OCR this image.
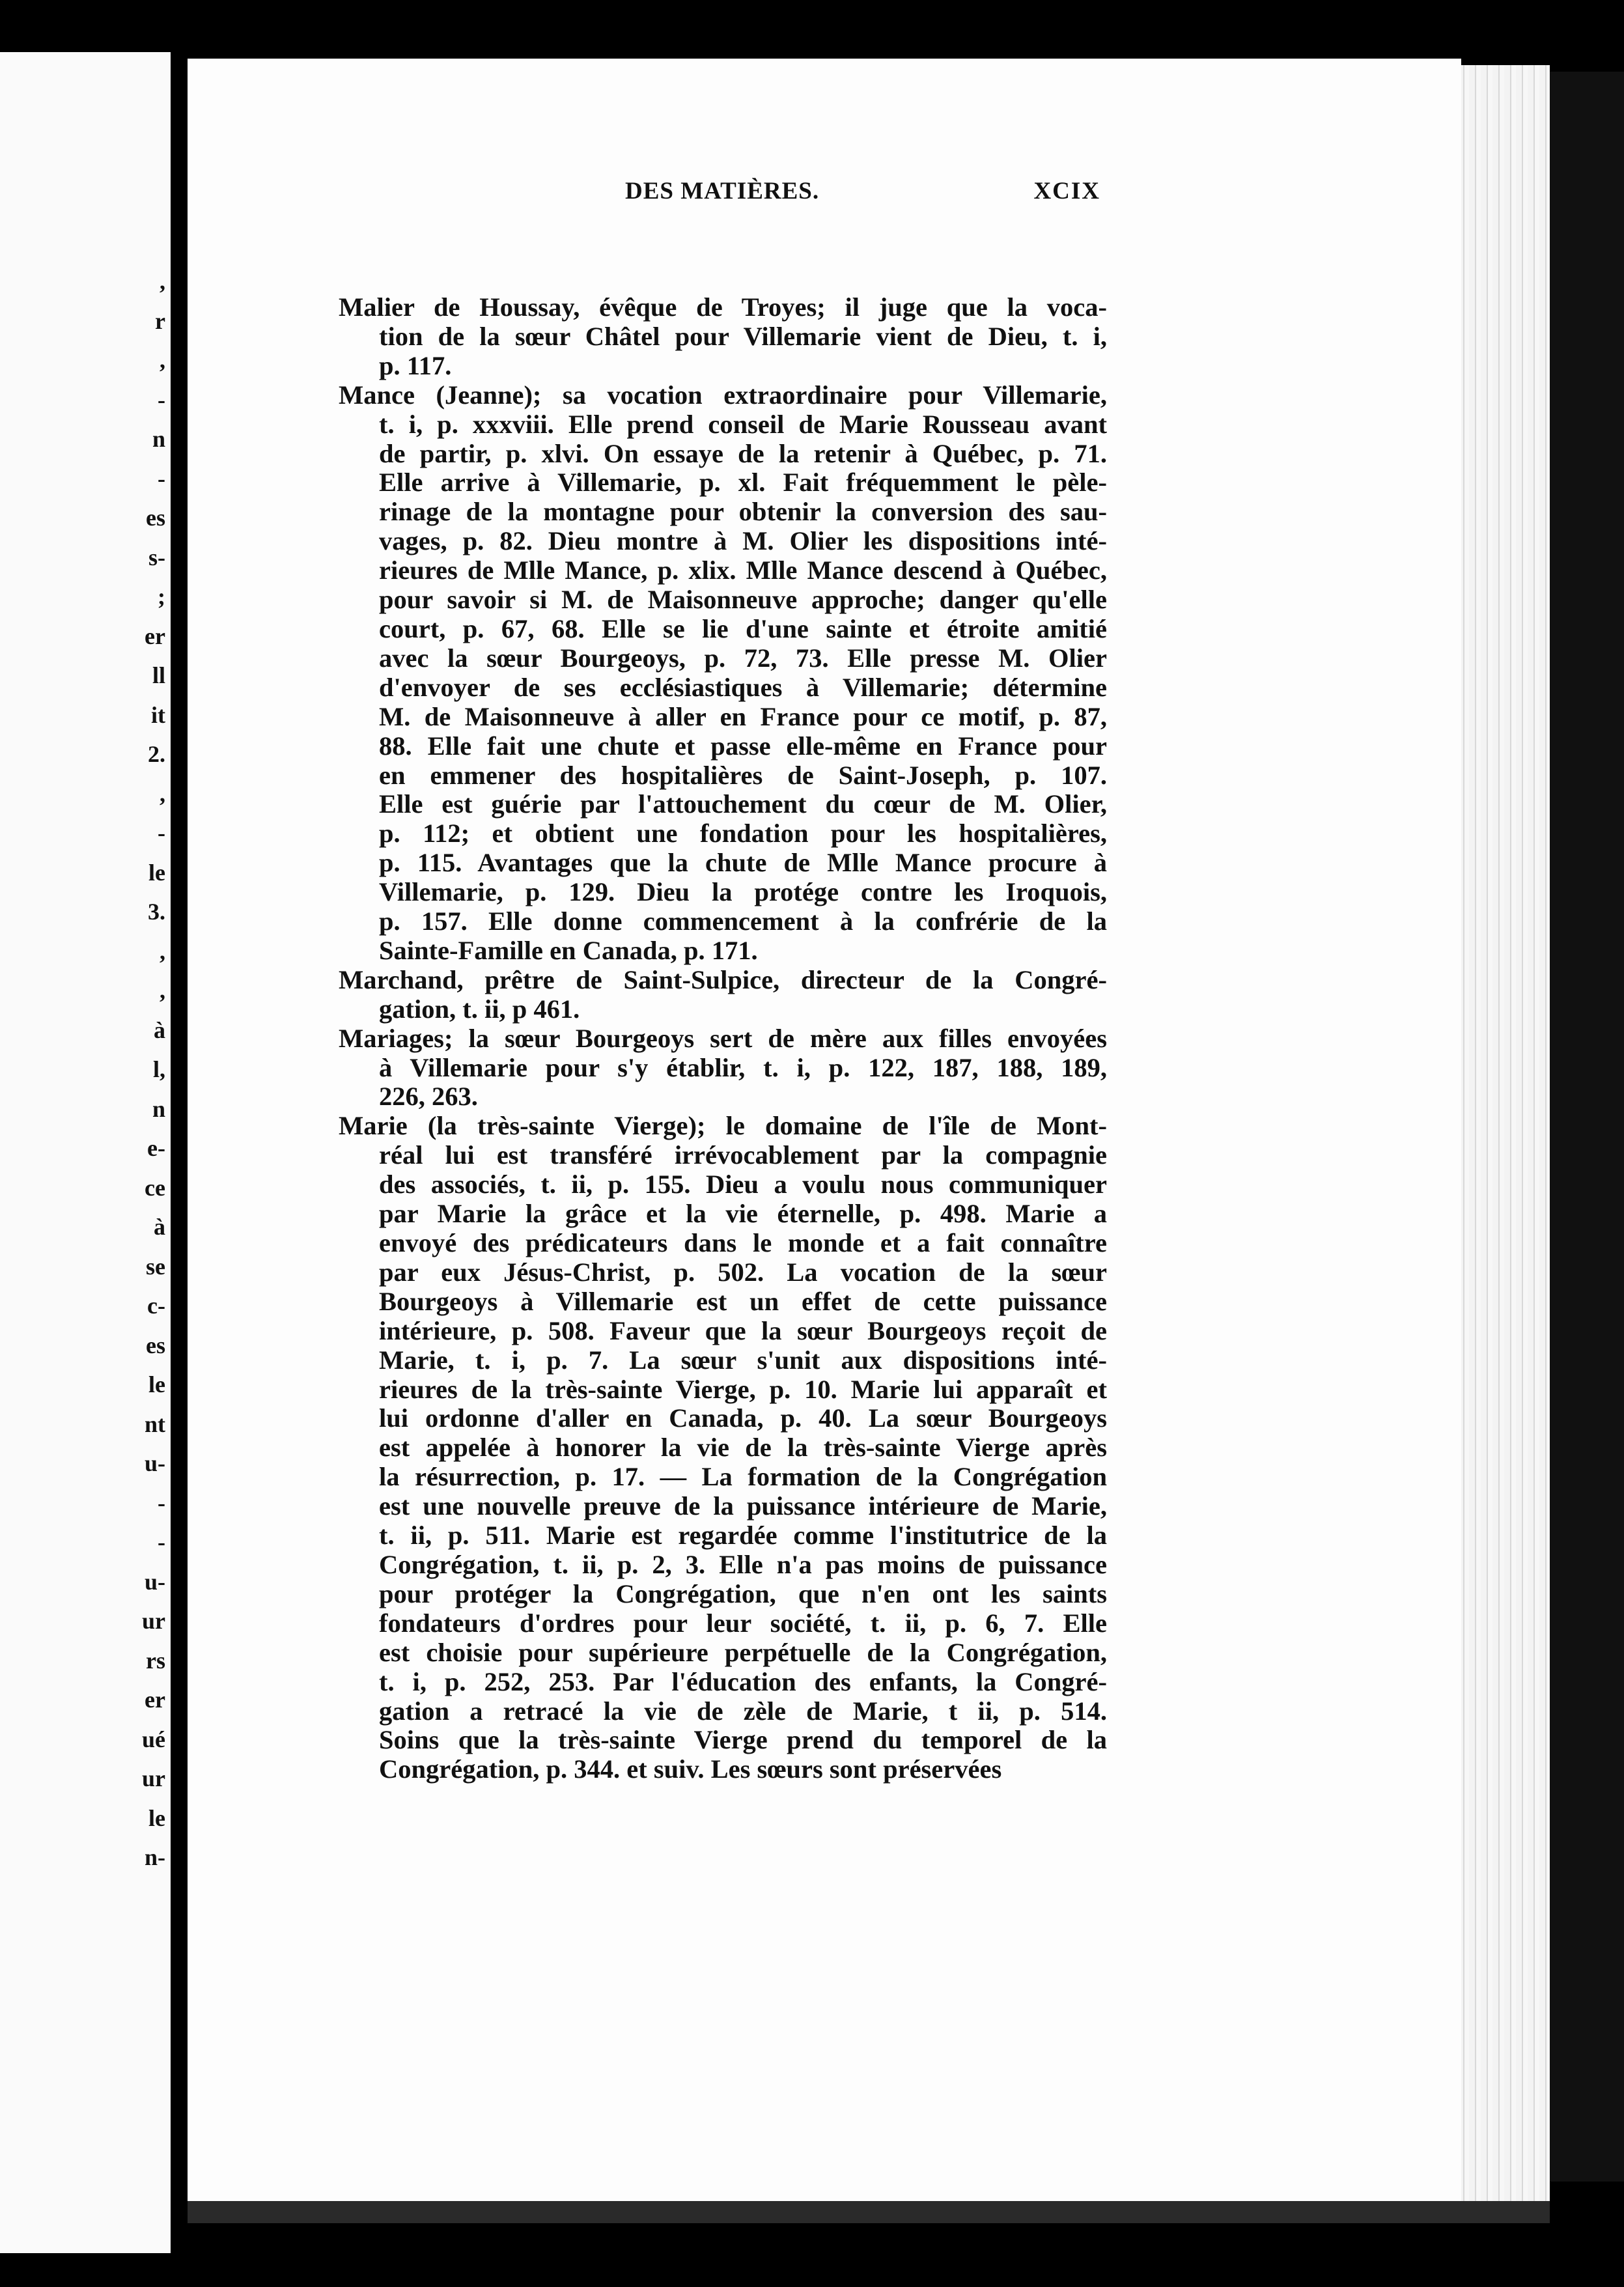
,
r
,
-
n
-
es
s-
;
er
ll
it
2.
,
-
le
3.
,
,
à
l,
n
e-
ce
à
se
c-
es
le
nt
u-
-
-
u-
ur
rs
er
ué
ur
le
n-
DES MATIÈRES.	XCIX

Malier de Houssay, évêque de Troyes; il juge que la voca-
tion de la sœur Châtel pour Villemarie vient de Dieu, t. i,
p. 117.

Mance (Jeanne); sa vocation extraordinaire pour Villemarie,
t. i, p. xxxviii. Elle prend conseil de Marie Rousseau avant
de partir, p. xlvi. On essaye de la retenir à Québec, p. 71.
Elle arrive à Villemarie, p. xl. Fait fréquemment le pèle-
rinage de la montagne pour obtenir la conversion des sau-
vages, p. 82. Dieu montre à M. Olier les dispositions inté-
rieures de Mlle Mance, p. xlix. Mlle Mance descend à Québec,
pour savoir si M. de Maisonneuve approche; danger qu'elle
court, p. 67, 68. Elle se lie d'une sainte et étroite amitié
avec la sœur Bourgeoys, p. 72, 73. Elle presse M. Olier
d'envoyer de ses ecclésiastiques à Villemarie; détermine
M. de Maisonneuve à aller en France pour ce motif, p. 87,
88. Elle fait une chute et passe elle-même en France pour
en emmener des hospitalières de Saint-Joseph, p. 107.
Elle est guérie par l'attouchement du cœur de M. Olier,
p. 112; et obtient une fondation pour les hospitalières,
p. 115. Avantages que la chute de Mlle Mance procure à
Villemarie, p. 129. Dieu la protége contre les Iroquois,
p. 157. Elle donne commencement à la confrérie de la
Sainte-Famille en Canada, p. 171.

Marchand, prêtre de Saint-Sulpice, directeur de la Congré-
gation, t. ii, p 461.

Mariages; la sœur Bourgeoys sert de mère aux filles envoyées
à Villemarie pour s'y établir, t. i, p. 122, 187, 188, 189,
226, 263.

Marie (la très-sainte Vierge); le domaine de l'île de Mont-
réal lui est transféré irrévocablement par la compagnie
des associés, t. ii, p. 155. Dieu a voulu nous communiquer
par Marie la grâce et la vie éternelle, p. 498. Marie a
envoyé des prédicateurs dans le monde et a fait connaître
par eux Jésus-Christ, p. 502. La vocation de la sœur
Bourgeoys à Villemarie est un effet de cette puissance
intérieure, p. 508. Faveur que la sœur Bourgeoys reçoit de
Marie, t. i, p. 7. La sœur s'unit aux dispositions inté-
rieures de la très-sainte Vierge, p. 10. Marie lui apparaît et
lui ordonne d'aller en Canada, p. 40. La sœur Bourgeoys
est appelée à honorer la vie de la très-sainte Vierge après
la résurrection, p. 17. — La formation de la Congrégation
est une nouvelle preuve de la puissance intérieure de Marie,
t. ii, p. 511. Marie est regardée comme l'institutrice de la
Congrégation, t. ii, p. 2, 3. Elle n'a pas moins de puissance
pour protéger la Congrégation, que n'en ont les saints
fondateurs d'ordres pour leur société, t. ii, p. 6, 7. Elle
est choisie pour supérieure perpétuelle de la Congrégation,
t. i, p. 252, 253. Par l'éducation des enfants, la Congré-
gation a retracé la vie de zèle de Marie, t ii, p. 514.
Soins que la très-sainte Vierge prend du temporel de la
Congrégation, p. 344. et suiv. Les sœurs sont préservées
